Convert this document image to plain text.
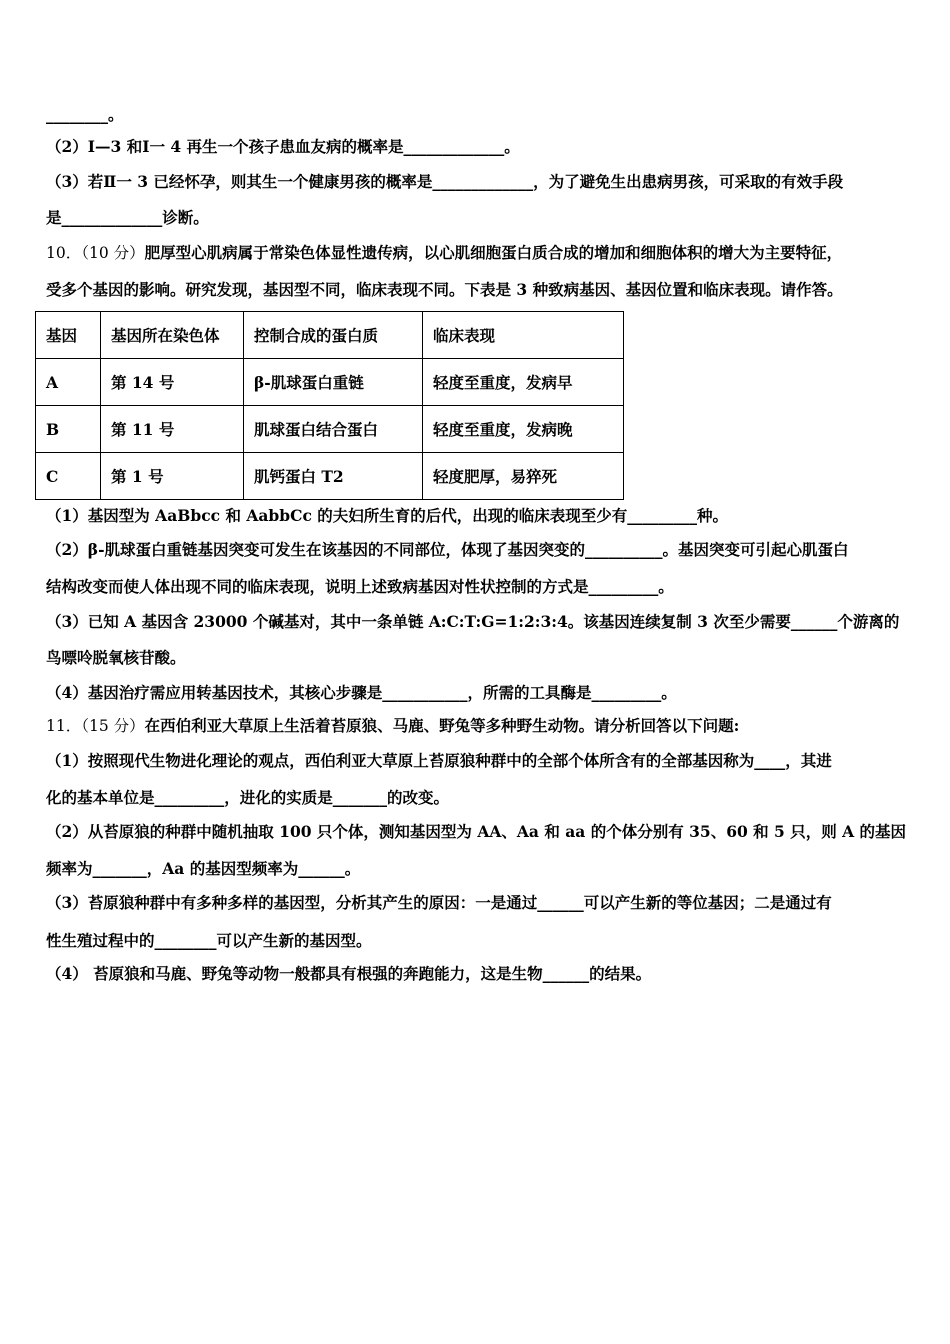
________。
（2）Ⅰ—3 和Ⅰ一 4 再生一个孩子患血友病的概率是_____________。
（3）若Ⅱ一 3 已经怀孕，则其生一个健康男孩的概率是_____________，为了避免生出患病男孩，可采取的有效手段
是_____________诊断。
10．（10 分）肥厚型心肌病属于常染色体显性遗传病，以心肌细胞蛋白质合成的增加和细胞体积的增大为主要特征，
受多个基因的影响。研究发现，基因型不同，临床表现不同。下表是 3 种致病基因、基因位置和临床表现。请作答。
基因	基因所在染色体	控制合成的蛋白质	临床表现
A	第 14 号	β-肌球蛋白重链	轻度至重度，发病早
B	第 11 号	肌球蛋白结合蛋白	轻度至重度，发病晚
C	第 1 号	肌钙蛋白 T2	轻度肥厚，易猝死
（1）基因型为 AaBbcc 和 AabbCc 的夫妇所生育的后代，出现的临床表现至少有_________种。
（2）β-肌球蛋白重链基因突变可发生在该基因的不同部位，体现了基因突变的__________。基因突变可引起心肌蛋白
结构改变而使人体出现不同的临床表现，说明上述致病基因对性状控制的方式是_________。
（3）已知 A 基因含 23000 个碱基对，其中一条单链 A:C:T:G=1:2:3:4。该基因连续复制 3 次至少需要______个游离的
鸟嘌呤脱氧核苷酸。
（4）基因治疗需应用转基因技术，其核心步骤是___________，所需的工具酶是_________。
11．（15 分）在西伯利亚大草原上生活着苔原狼、马鹿、野兔等多种野生动物。请分析回答以下问题:
（1）按照现代生物进化理论的观点，西伯利亚大草原上苔原狼种群中的全部个体所含有的全部基因称为____，其进
化的基本单位是_________，进化的实质是_______的改变。
（2）从苔原狼的种群中随机抽取 100 只个体，测知基因型为 AA、Aa 和 aa 的个体分别有 35、60 和 5 只，则 A 的基因
频率为_______，Aa 的基因型频率为______。
（3）苔原狼种群中有多种多样的基因型，分析其产生的原因：一是通过______可以产生新的等位基因；二是通过有
性生殖过程中的________可以产生新的基因型。
（4） 苔原狼和马鹿、野兔等动物一般都具有根强的奔跑能力，这是生物______的结果。
